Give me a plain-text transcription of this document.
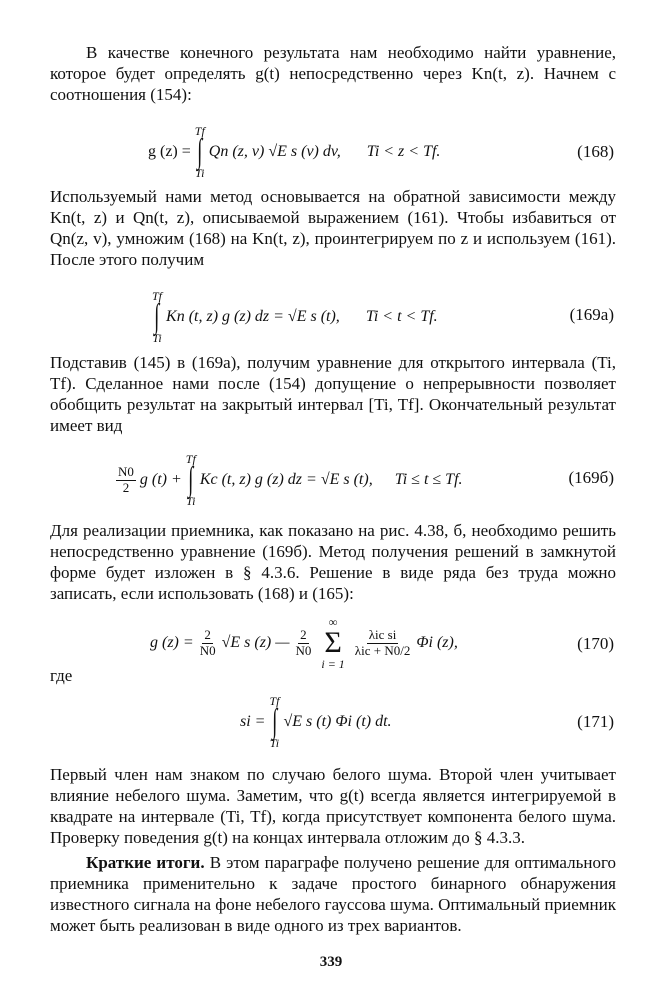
В качестве конечного результата нам необходимо найти уравнение, которое будет определять g(t) непосредственно через Kn(t, z). Начнем с соотношения (154):

g (z) =
Tf
∫
Ti
Qn (z, v) √E s (v) dv, Ti < z < Tf.	(168)

Используемый нами метод основывается на обратной зависимости между Kn(t, z) и Qn(t, z), описываемой выражением (161). Чтобы избавиться от Qn(z, v), умножим (168) на Kn(t, z), проинтегрируем по z и используем (161). После этого получим

Tf
∫
Ti
Kn (t, z) g (z) dz = √E s (t), Ti < t < Tf.	(169а)

Подставив (145) в (169а), получим уравнение для открытого интервала (Ti, Tf). Сделанное нами после (154) допущение о непрерывности позволяет обобщить результат на закрытый интервал [Ti, Tf]. Окончательный результат имеет вид

$\frac{N0}{2}$ g (t) +
Tf
∫
Ti
Kc (t, z) g (z) dz = √E s (t), Ti ≤ t ≤ Tf.	(169б)

Для реализации приемника, как показано на рис. 4.38, б, необходимо решить непосредственно уравнение (169б). Метод получения решений в замкнутой форме будет изложен в § 4.3.6. Решение в виде ряда без труда можно записать, если использовать (168) и (165):

g $(z) = \frac{2}{N0} √E$ s (z) — $\frac{2}{N0}$
∞
Σ
i = 1
$\frac{\text{λic si}}{\text{λic + N0/2}}$ Φi (z),	(170)

где

si =
Tf
∫
Ti
√E s (t) Φi (t) dt.	(171)

Первый член нам знаком по случаю белого шума. Второй член учитывает влияние небелого шума. Заметим, что g(t) всегда является интегрируемой в квадрате на интервале (Ti, Tf), когда присутствует компонента белого шума. Проверку поведения g(t) на концах интервала отложим до § 4.3.3.

Краткие итоги. В этом параграфе получено решение для оптимального приемника применительно к задаче простого бинарного обнаружения известного сигнала на фоне небелого гауссова шума. Оптимальный приемник может быть реализован в виде одного из трех вариантов.

339
